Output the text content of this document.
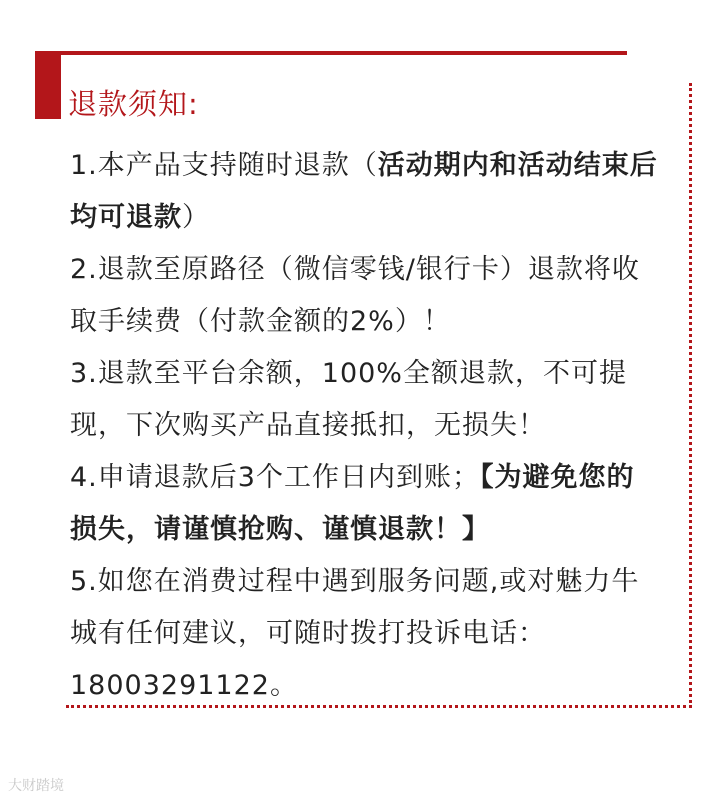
退款须知:
1.本产品支持随时退款（活动期内和活动结束后均可退款）
2.退款至原路径（微信零钱/银行卡）退款将收取手续费（付款金额的2%）！
3.退款至平台余额，100%全额退款，不可提现，下次购买产品直接抵扣，无损失！
4.申请退款后3个工作日内到账；【为避免您的损失，请谨慎抢购、谨慎退款！】
5.如您在消费过程中遇到服务问题,或对魅力牛城有任何建议，可随时拨打投诉电话：18003291122。
大财踏境
